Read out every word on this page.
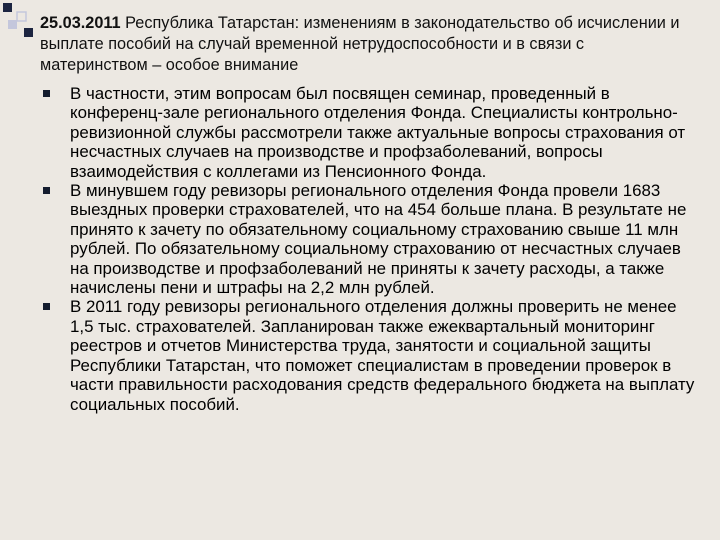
25.03.2011 Республика Татарстан: изменениям в законодательство об исчислении и выплате пособий на случай временной нетрудоспособности и в связи с материнством – особое внимание
В частности, этим вопросам был посвящен семинар, проведенный в конференц-зале регионального отделения Фонда. Специалисты контрольно-ревизионной службы рассмотрели также актуальные вопросы страхования от несчастных случаев на производстве и профзаболеваний, вопросы взаимодействия с коллегами из Пенсионного Фонда.
В минувшем году ревизоры регионального отделения Фонда провели 1683 выездных проверки страхователей, что на 454 больше плана. В результате не принято к зачету по обязательному социальному страхованию свыше 11 млн рублей. По обязательному социальному страхованию от несчастных случаев на производстве и профзаболеваний не приняты к зачету расходы, а также начислены пени и штрафы на 2,2 млн рублей.
В 2011 году ревизоры регионального отделения должны проверить не менее 1,5 тыс. страхователей. Запланирован также ежеквартальный мониторинг реестров и отчетов Министерства труда, занятости и социальной защиты Республики Татарстан, что поможет специалистам в проведении проверок в части правильности расходования средств федерального бюджета на выплату социальных пособий.
